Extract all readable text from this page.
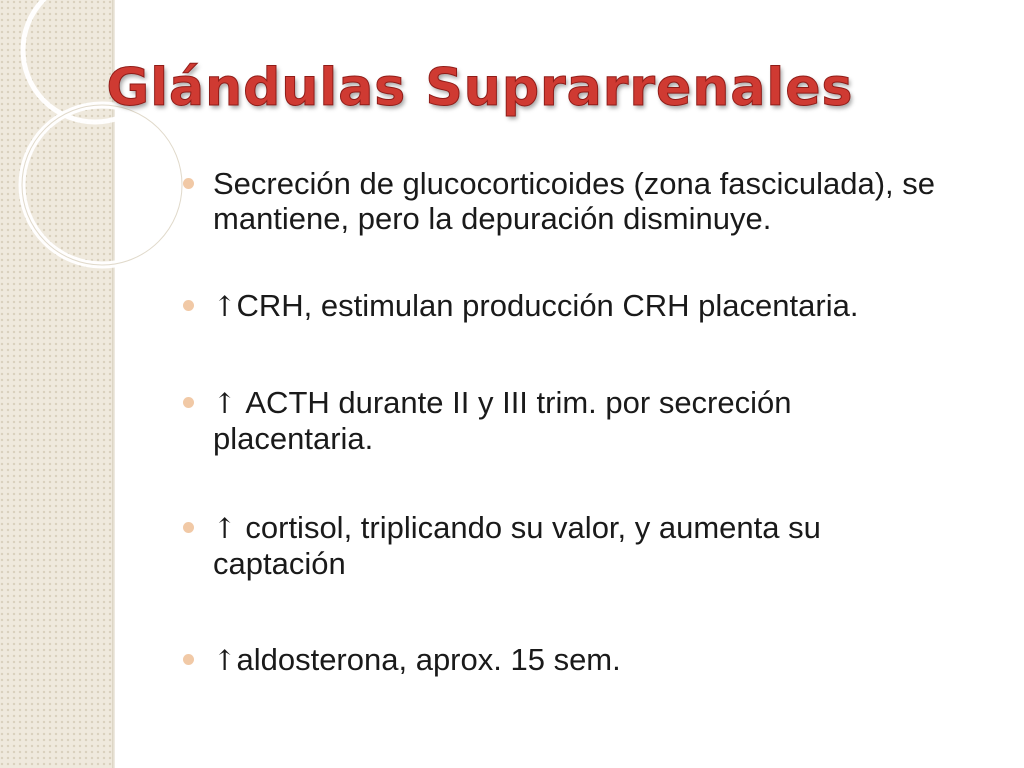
Glándulas Suprarrenales
Secreción de glucocorticoides (zona fasciculada), se mantiene, pero la depuración disminuye.
↑CRH, estimulan producción CRH placentaria.
↑ ACTH durante II y III trim. por secreción placentaria.
↑ cortisol, triplicando su valor, y aumenta su captación
↑aldosterona, aprox. 15 sem.
